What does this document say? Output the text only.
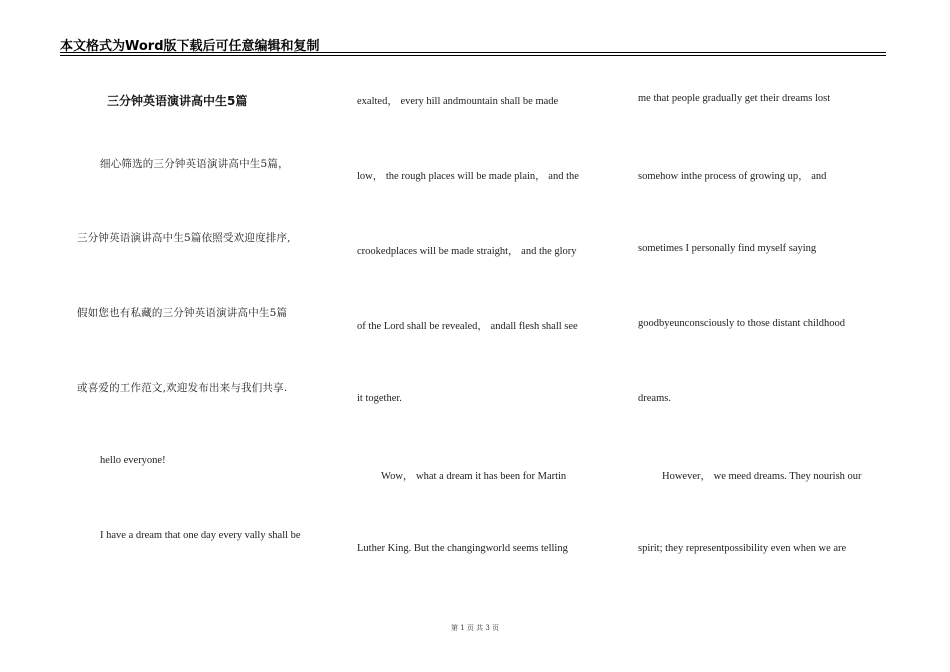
本文格式为Word版下载后可任意编辑和复制
三分钟英语演讲高中生5篇
细心筛选的三分钟英语演讲高中生5篇，
三分钟英语演讲高中生5篇依照受欢迎度排序,
假如您也有私藏的三分钟英语演讲高中生5篇
或喜爱的工作范文,欢迎发布出来与我们共享.
hello everyone!
I have a dream that one day every vally shall be
exalted， every hill andmountain shall be made
low， the rough places will be made plain， and the
crookedplaces will be made straight， and the glory
of the Lord shall be revealed， andall flesh shall see
it together.
Wow， what a dream it has been for Martin
Luther King. But the changingworld seems telling
me that people gradually get their dreams lost
somehow inthe process of growing up， and
sometimes I personally find myself saying
goodbyeunconsciously to those distant childhood
dreams.
However， we meed dreams. They nourish our
spirit; they representpossibility even when we are
第 1 页 共 3 页
